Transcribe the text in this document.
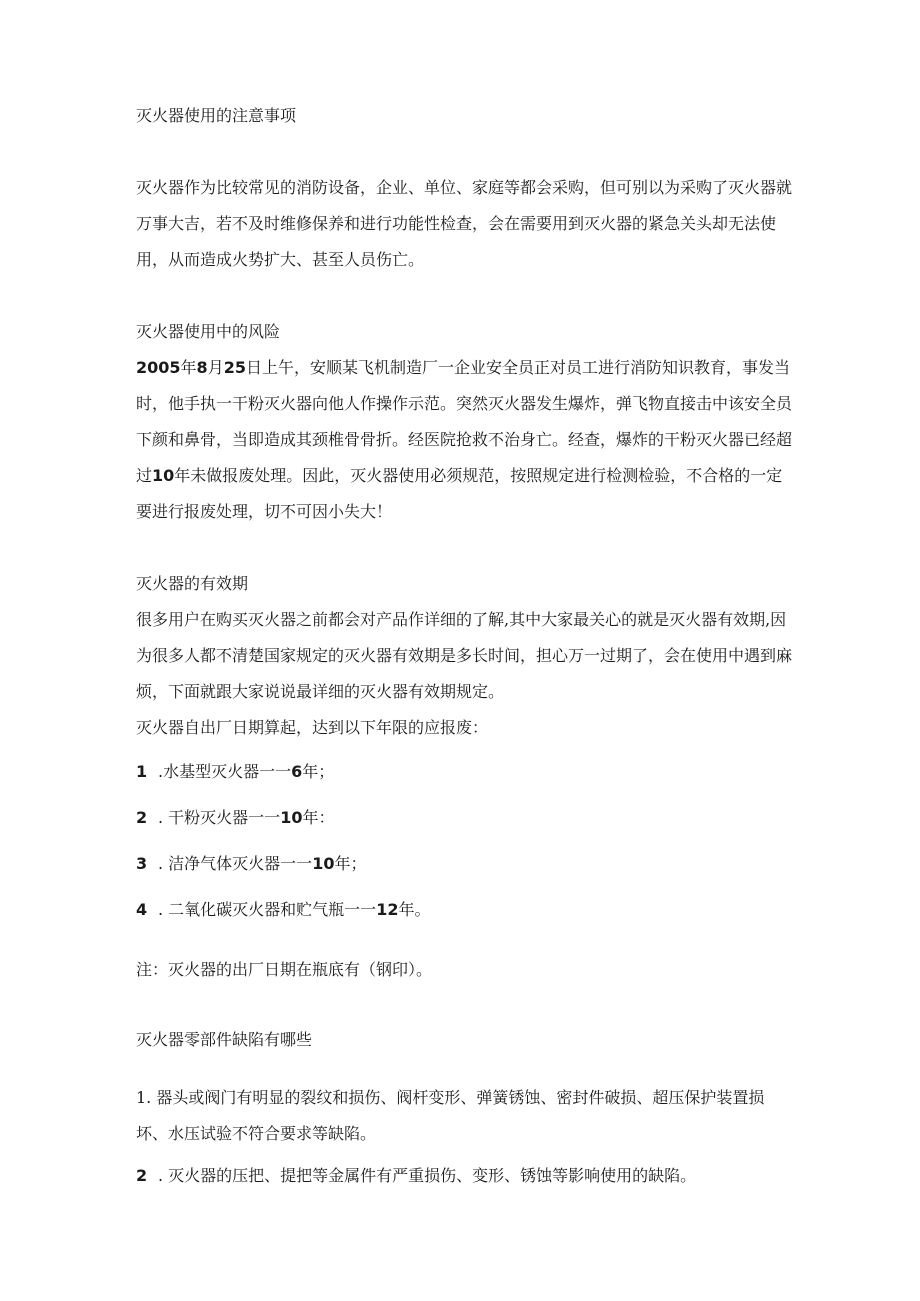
灭火器使用的注意事项

灭火器作为比较常见的消防设备，企业、单位、家庭等都会采购，但可别以为采购了灭火器就万事大吉，若不及时维修保养和进行功能性检查，会在需要用到灭火器的紧急关头却无法使用，从而造成火势扩大、甚至人员伤亡。

灭火器使用中的风险

2005年8月25日上午，安顺某飞机制造厂一企业安全员正对员工进行消防知识教育，事发当时，他手执一干粉灭火器向他人作操作示范。突然灭火器发生爆炸，弹飞物直接击中该安全员下颜和鼻骨，当即造成其颈椎骨骨折。经医院抢救不治身亡。经查，爆炸的干粉灭火器已经超过10年未做报废处理。因此，灭火器使用必须规范，按照规定进行检测检验，不合格的一定要进行报废处理，切不可因小失大！

灭火器的有效期

很多用户在购买灭火器之前都会对产品作详细的了解,其中大家最关心的就是灭火器有效期,因为很多人都不清楚国家规定的灭火器有效期是多长时间，担心万一过期了，会在使用中遇到麻烦，下面就跟大家说说最详细的灭火器有效期规定。

灭火器自出厂日期算起，达到以下年限的应报废：

1 .水基型灭火器一一6年；

2 . 干粉灭火器一一10年：

3 . 洁净气体灭火器一一10年；

4 . 二氧化碳灭火器和贮气瓶一一12年。

注：灭火器的出厂日期在瓶底有（钢印）。

灭火器零部件缺陷有哪些

1. 器头或阀门有明显的裂纹和损伤、阀杆变形、弹簧锈蚀、密封件破损、超压保护装置损坏、水压试验不符合要求等缺陷。

2 . 灭火器的压把、提把等金属件有严重损伤、变形、锈蚀等影响使用的缺陷。
